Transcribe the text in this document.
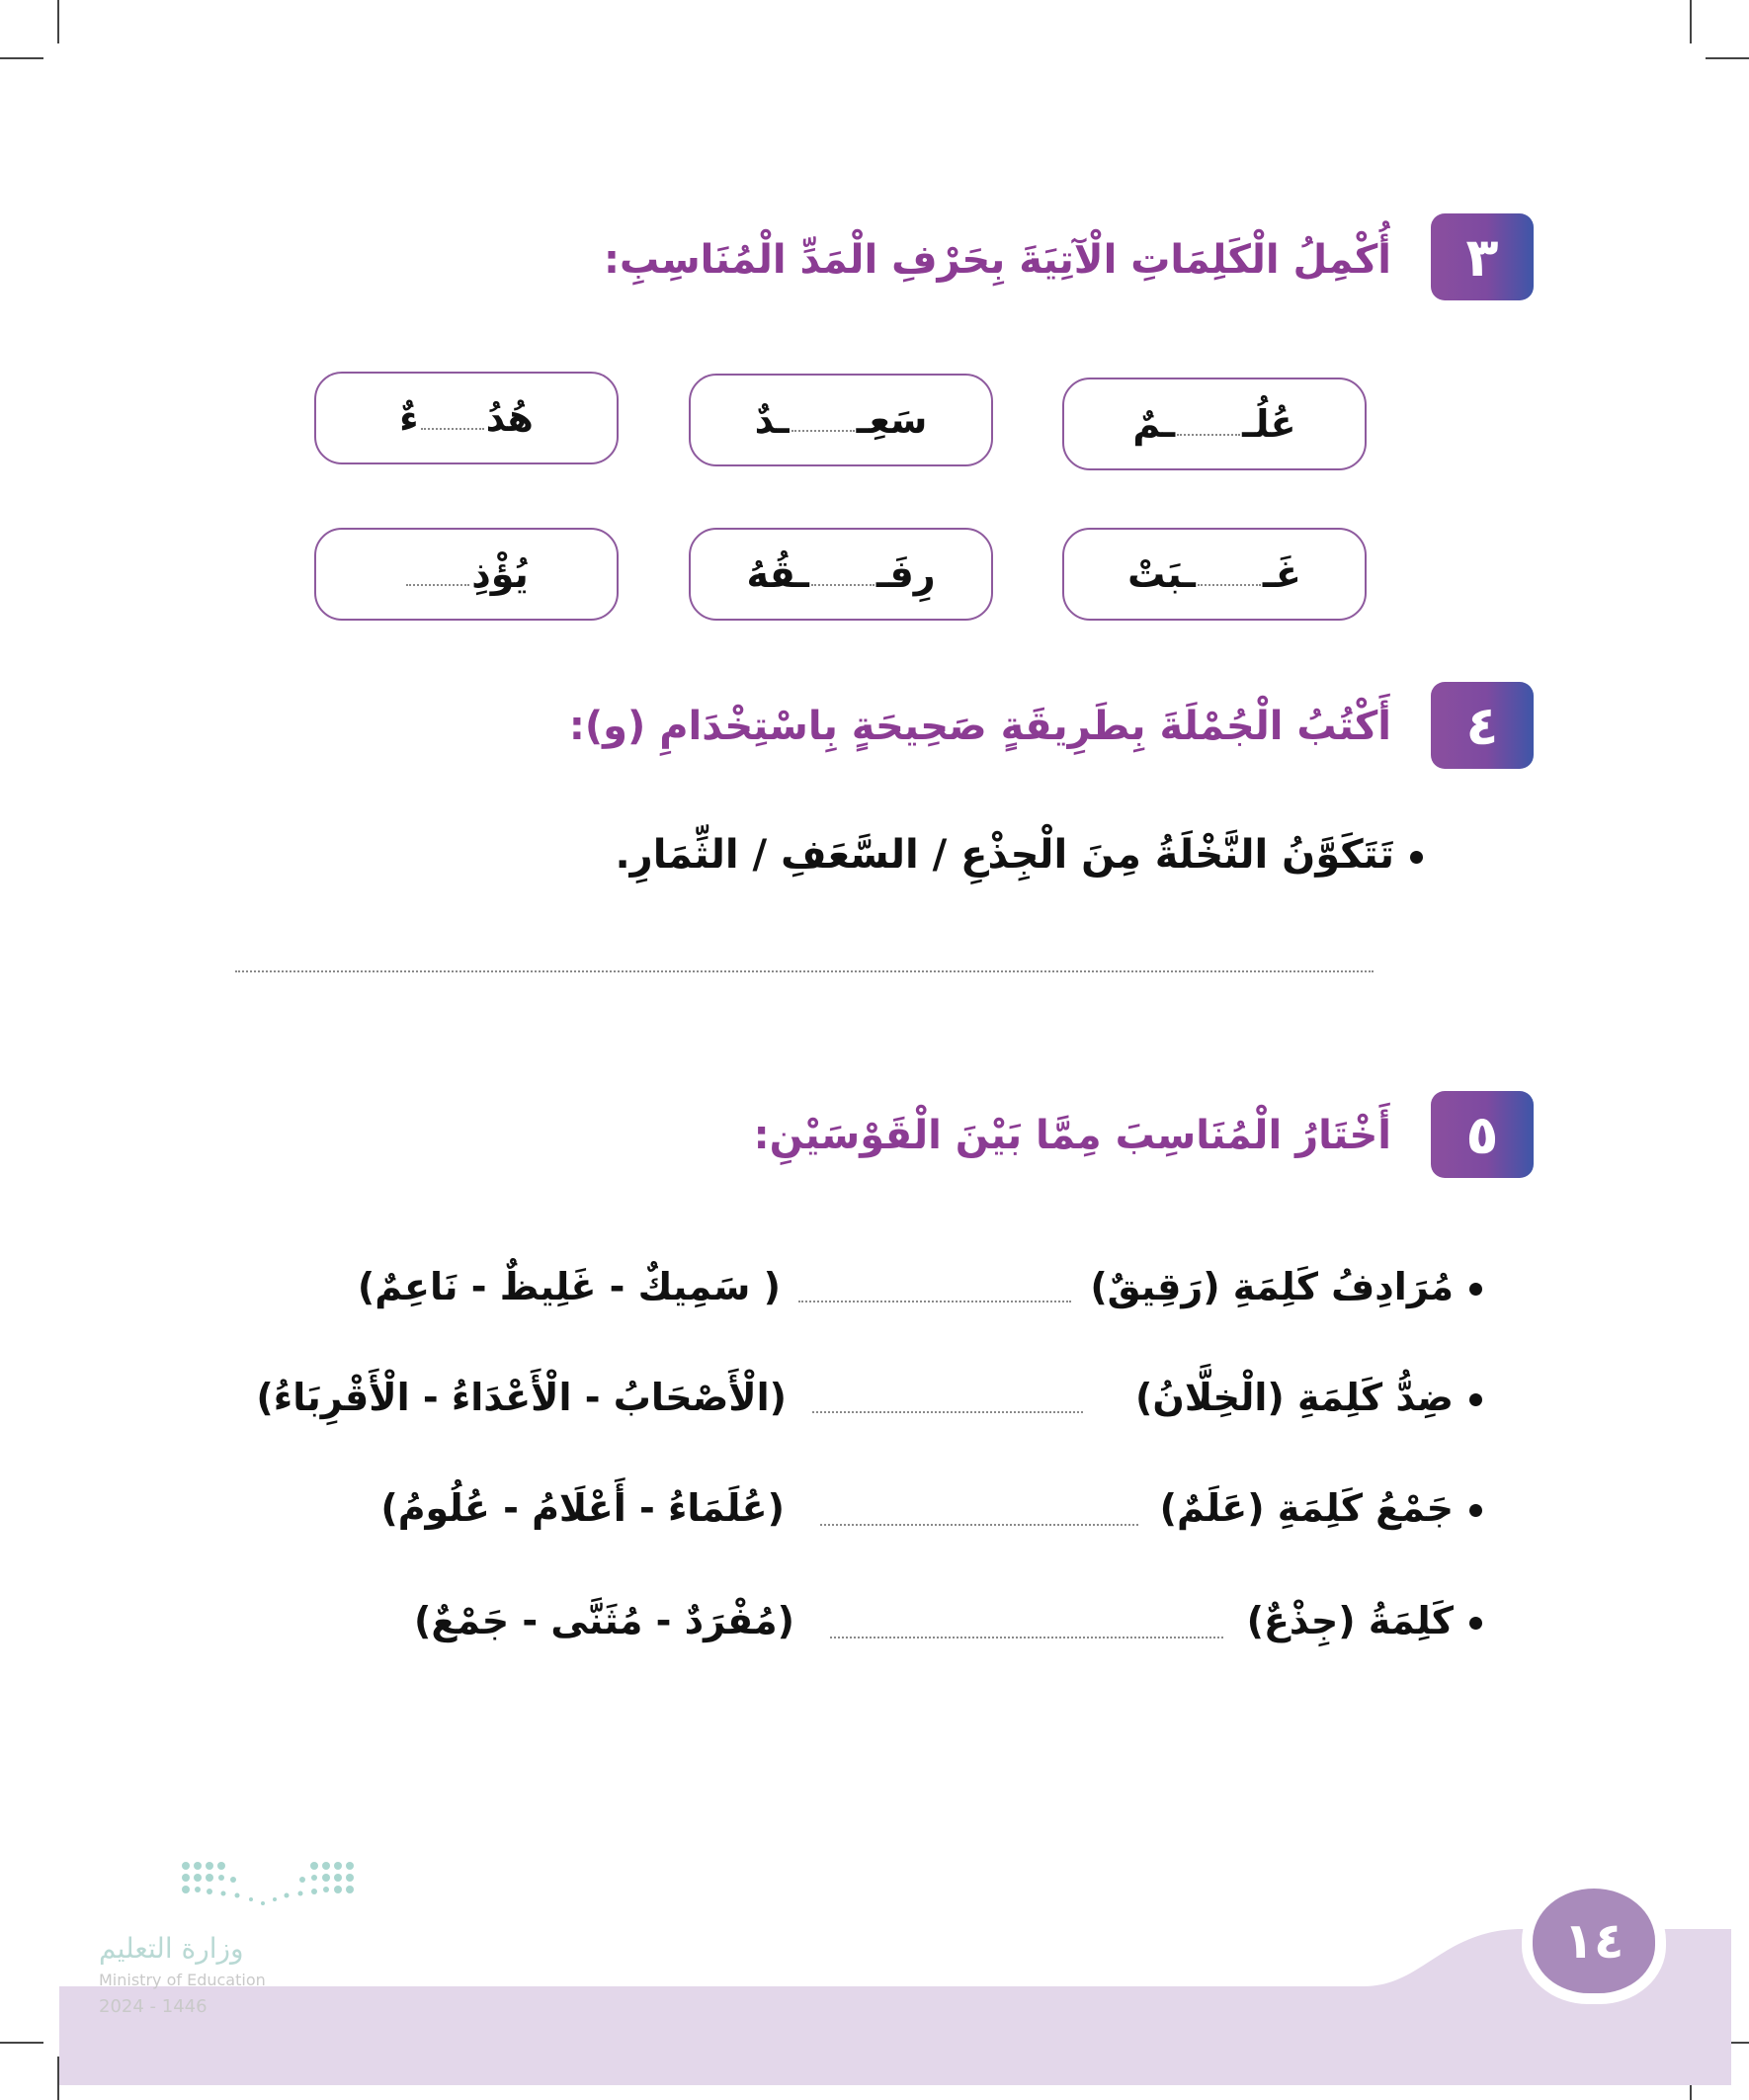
٣
أُكْمِلُ الْكَلِمَاتِ الْآتِيَةَ بِحَرْفِ الْمَدِّ الْمُنَاسِبِ:
عُلُـ
ـمٌ
سَعِـ
ـدٌ
هُدُ
ءٌ
غَـ
ـبَتْ
رِفَـ
ـقُهُ
يُؤْذِ
٤
أَكْتُبُ الْجُمْلَةَ بِطَرِيقَةٍ صَحِيحَةٍ بِاسْتِخْدَامِ (و):
تَتَكَوَّنُ النَّخْلَةُ مِنَ الْجِذْعِ / السَّعَفِ / الثِّمَارِ.
٥
أَخْتَارُ الْمُنَاسِبَ مِمَّا بَيْنَ الْقَوْسَيْنِ:
مُرَادِفُ كَلِمَةِ (رَقِيقٌ)
( سَمِيكٌ - غَلِيظٌ - نَاعِمٌ)
ضِدُّ كَلِمَةِ (الْخِلَّانُ)
(الْأَصْحَابُ - الْأَعْدَاءُ - الْأَقْرِبَاءُ)
جَمْعُ كَلِمَةِ (عَلَمٌ)
(عُلَمَاءُ - أَعْلَامُ - عُلُومُ)
كَلِمَةُ (جِذْعٌ)
(مُفْرَدٌ - مُثَنَّى - جَمْعٌ)
١٤
وزارة التعليم
Ministry of Education
2024 - 1446
